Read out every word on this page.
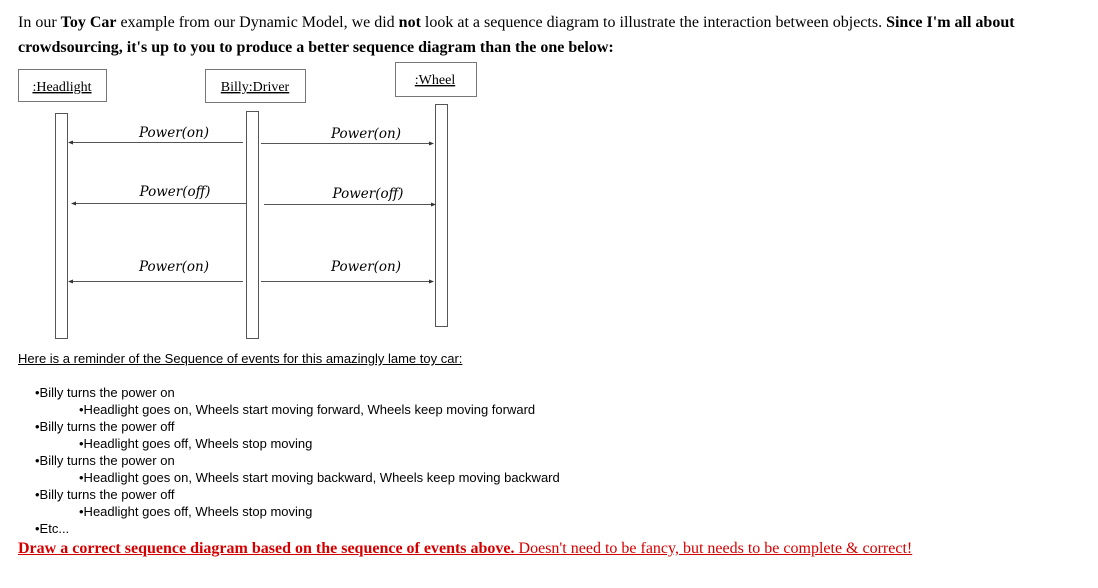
In our Toy Car example from our Dynamic Model, we did not look at a sequence diagram to illustrate the interaction between objects. Since I'm all about crowdsourcing, it's up to you to produce a better sequence diagram than the one below:
:Headlight	Billy:Driver	:Wheel
Power(on)	Power(on)
Power(off)	Power(off)
Power(on)	Power(on)
Here is a reminder of the Sequence of events for this amazingly lame toy car:
•Billy turns the power on
•Headlight goes on, Wheels start moving forward, Wheels keep moving forward
•Billy turns the power off
•Headlight goes off, Wheels stop moving
•Billy turns the power on
•Headlight goes on, Wheels start moving backward, Wheels keep moving backward
•Billy turns the power off
•Headlight goes off, Wheels stop moving
•Etc...
Draw a correct sequence diagram based on the sequence of events above. Doesn't need to be fancy, but needs to be complete & correct!
